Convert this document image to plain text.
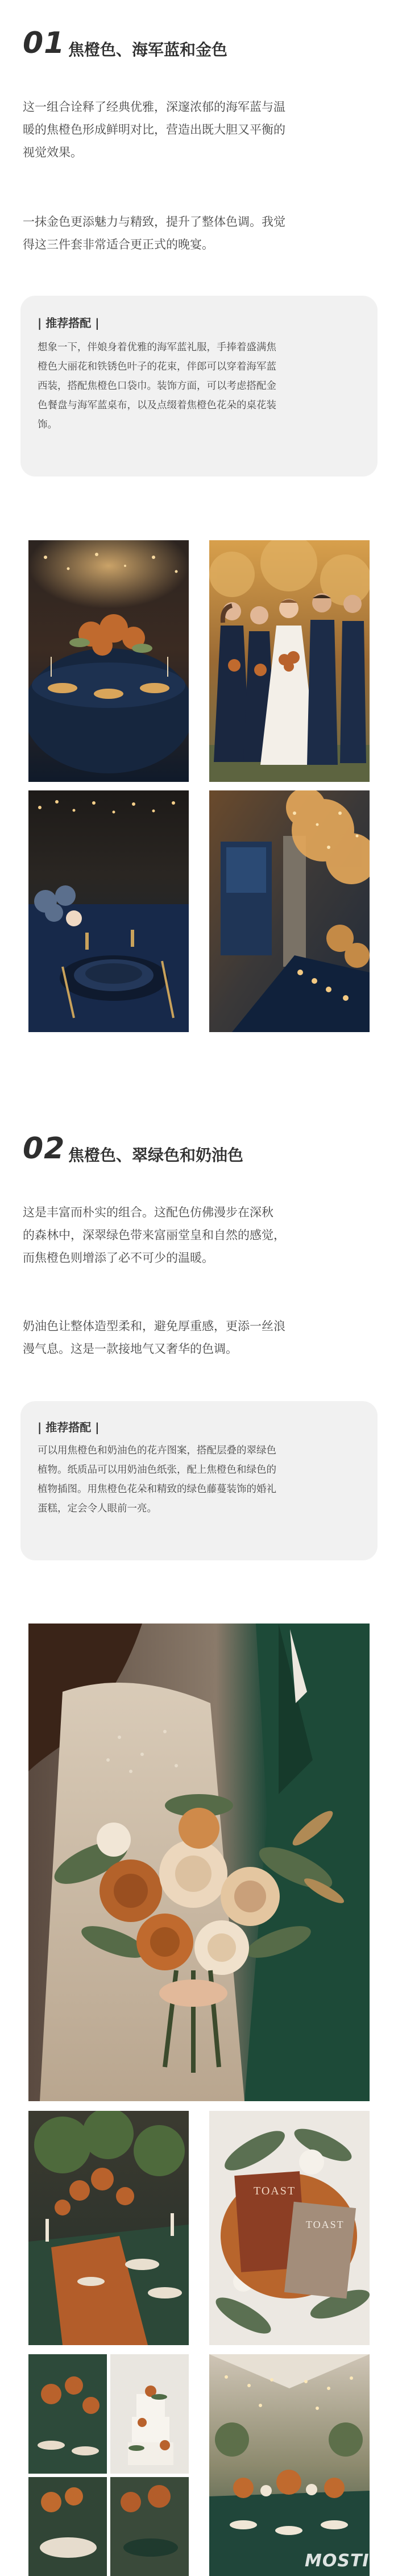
01 焦橙色、海军蓝和金色
这一组合诠释了经典优雅，深邃浓郁的海军蓝与温
暖的焦橙色形成鲜明对比，营造出既大胆又平衡的
视觉效果。
一抹金色更添魅力与精致，提升了整体色调。我觉
得这三件套非常适合更正式的晚宴。
| 推荐搭配 |
想象一下，伴娘身着优雅的海军蓝礼服，手捧着盛满焦
橙色大丽花和铁锈色叶子的花束，伴郎可以穿着海军蓝
西装，搭配焦橙色口袋巾。装饰方面，可以考虑搭配金
色餐盘与海军蓝桌布，以及点缀着焦橙色花朵的桌花装
饰。
02 焦橙色、翠绿色和奶油色
这是丰富而朴实的组合。这配色仿佛漫步在深秋
的森林中，深翠绿色带来富丽堂皇和自然的感觉，
而焦橙色则增添了必不可少的温暖。
奶油色让整体造型柔和，避免厚重感，更添一丝浪
漫气息。这是一款接地气又奢华的色调。
| 推荐搭配 |
可以用焦橙色和奶油色的花卉图案，搭配层叠的翠绿色
植物。纸质品可以用奶油色纸张，配上焦橙色和绿色的
植物插图。用焦橙色花朵和精致的绿色藤蔓装饰的婚礼
蛋糕，定会令人眼前一亮。
TOAST
TOAST
MOSTI
